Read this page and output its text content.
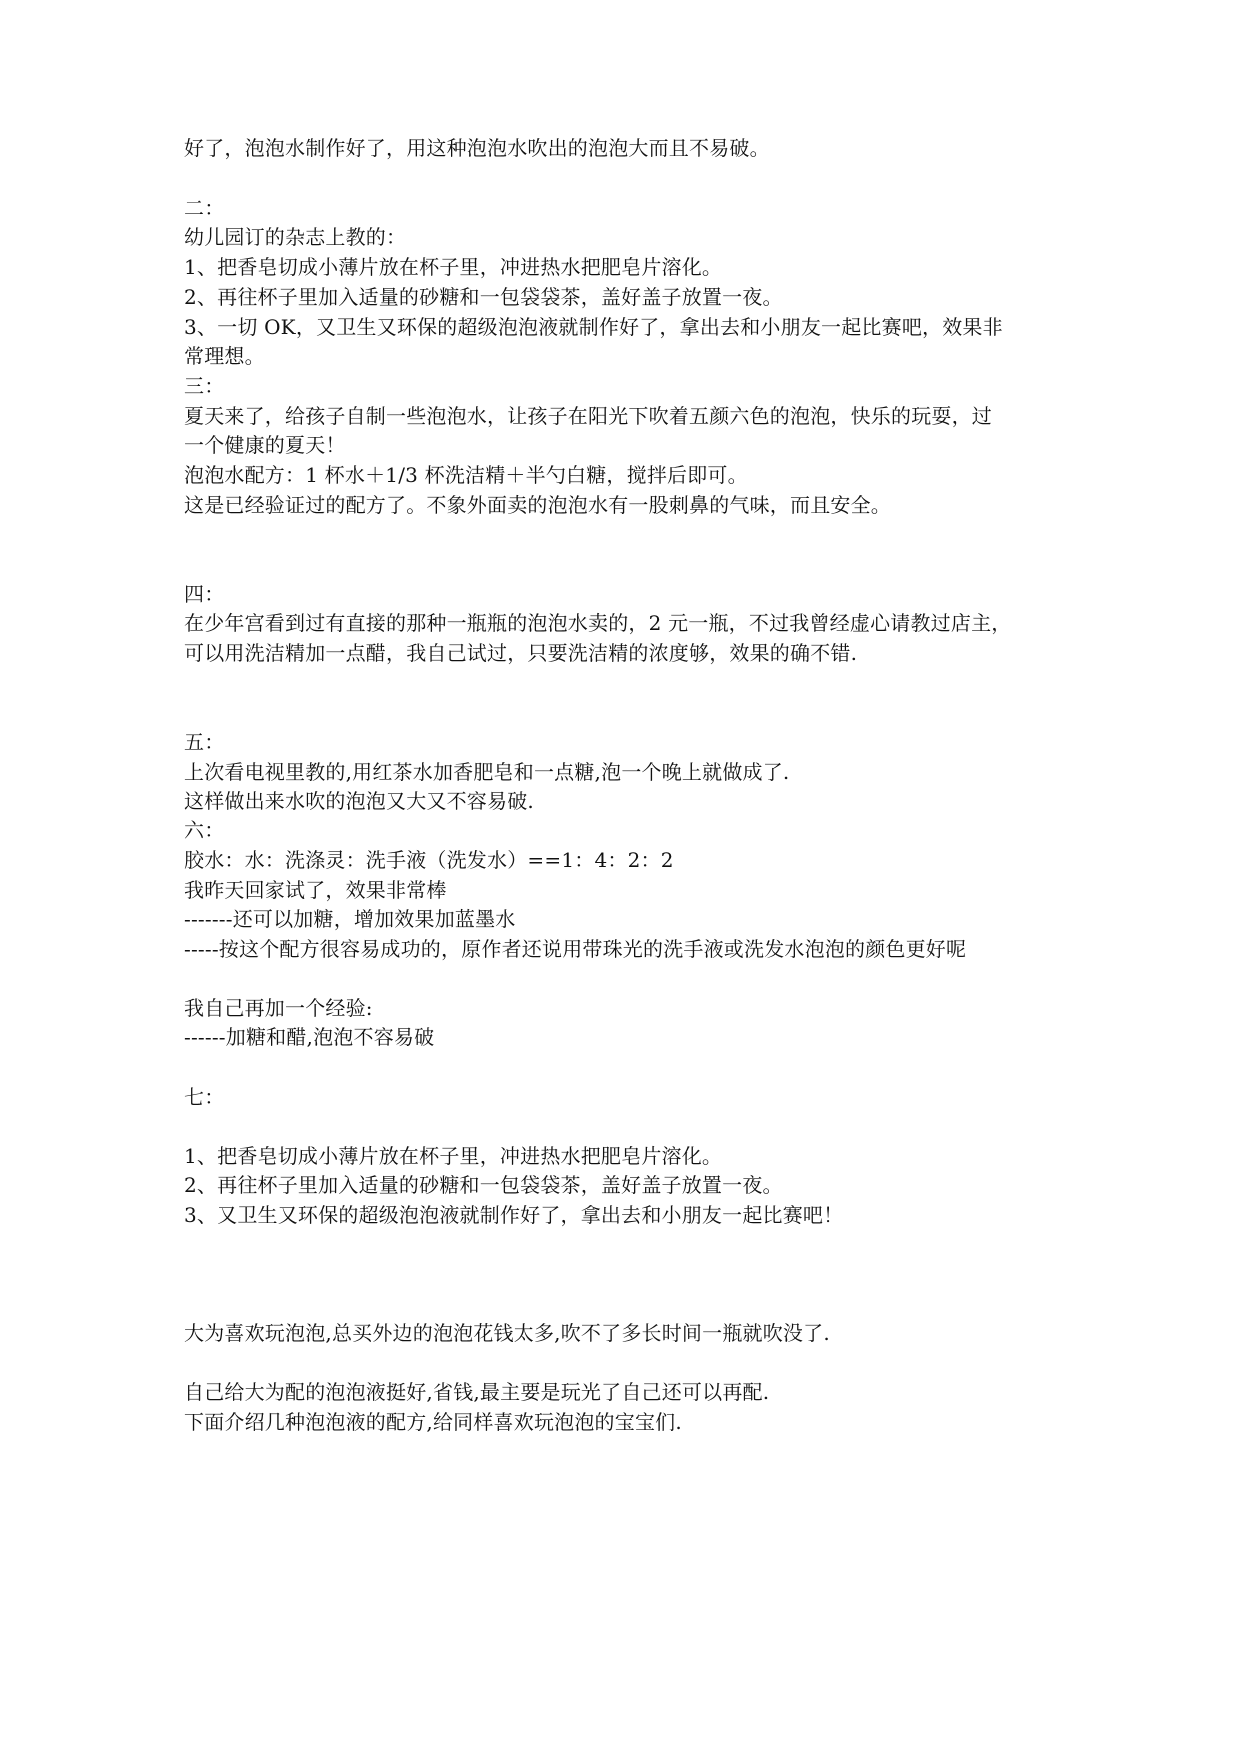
好了，泡泡水制作好了，用这种泡泡水吹出的泡泡大而且不易破。
二：
幼儿园订的杂志上教的：
1、把香皂切成小薄片放在杯子里，冲进热水把肥皂片溶化。
2、再往杯子里加入适量的砂糖和一包袋袋茶，盖好盖子放置一夜。
3、一切 OK，又卫生又环保的超级泡泡液就制作好了，拿出去和小朋友一起比赛吧，效果非
常理想。
三：
夏天来了，给孩子自制一些泡泡水，让孩子在阳光下吹着五颜六色的泡泡，快乐的玩耍，过
一个健康的夏天！
泡泡水配方：1 杯水＋1/3 杯洗洁精＋半勺白糖，搅拌后即可。
这是已经验证过的配方了。不象外面卖的泡泡水有一股刺鼻的气味，而且安全。
四：
在少年宫看到过有直接的那种一瓶瓶的泡泡水卖的，2 元一瓶，不过我曾经虚心请教过店主，
可以用洗洁精加一点醋，我自己试过，只要洗洁精的浓度够，效果的确不错.
五：
上次看电视里教的,用红茶水加香肥皂和一点糖,泡一个晚上就做成了.
这样做出来水吹的泡泡又大又不容易破.
六：
胶水：水：洗涤灵：洗手液（洗发水）==1：4：2：2
我昨天回家试了，效果非常棒
-------还可以加糖，增加效果加蓝墨水
-----按这个配方很容易成功的，原作者还说用带珠光的洗手液或洗发水泡泡的颜色更好呢
我自己再加一个经验:
------加糖和醋,泡泡不容易破
七：
1、把香皂切成小薄片放在杯子里，冲进热水把肥皂片溶化。
2、再往杯子里加入适量的砂糖和一包袋袋茶，盖好盖子放置一夜。
3、又卫生又环保的超级泡泡液就制作好了，拿出去和小朋友一起比赛吧！
大为喜欢玩泡泡,总买外边的泡泡花钱太多,吹不了多长时间一瓶就吹没了.
自己给大为配的泡泡液挺好,省钱,最主要是玩光了自己还可以再配.
下面介绍几种泡泡液的配方,给同样喜欢玩泡泡的宝宝们.
